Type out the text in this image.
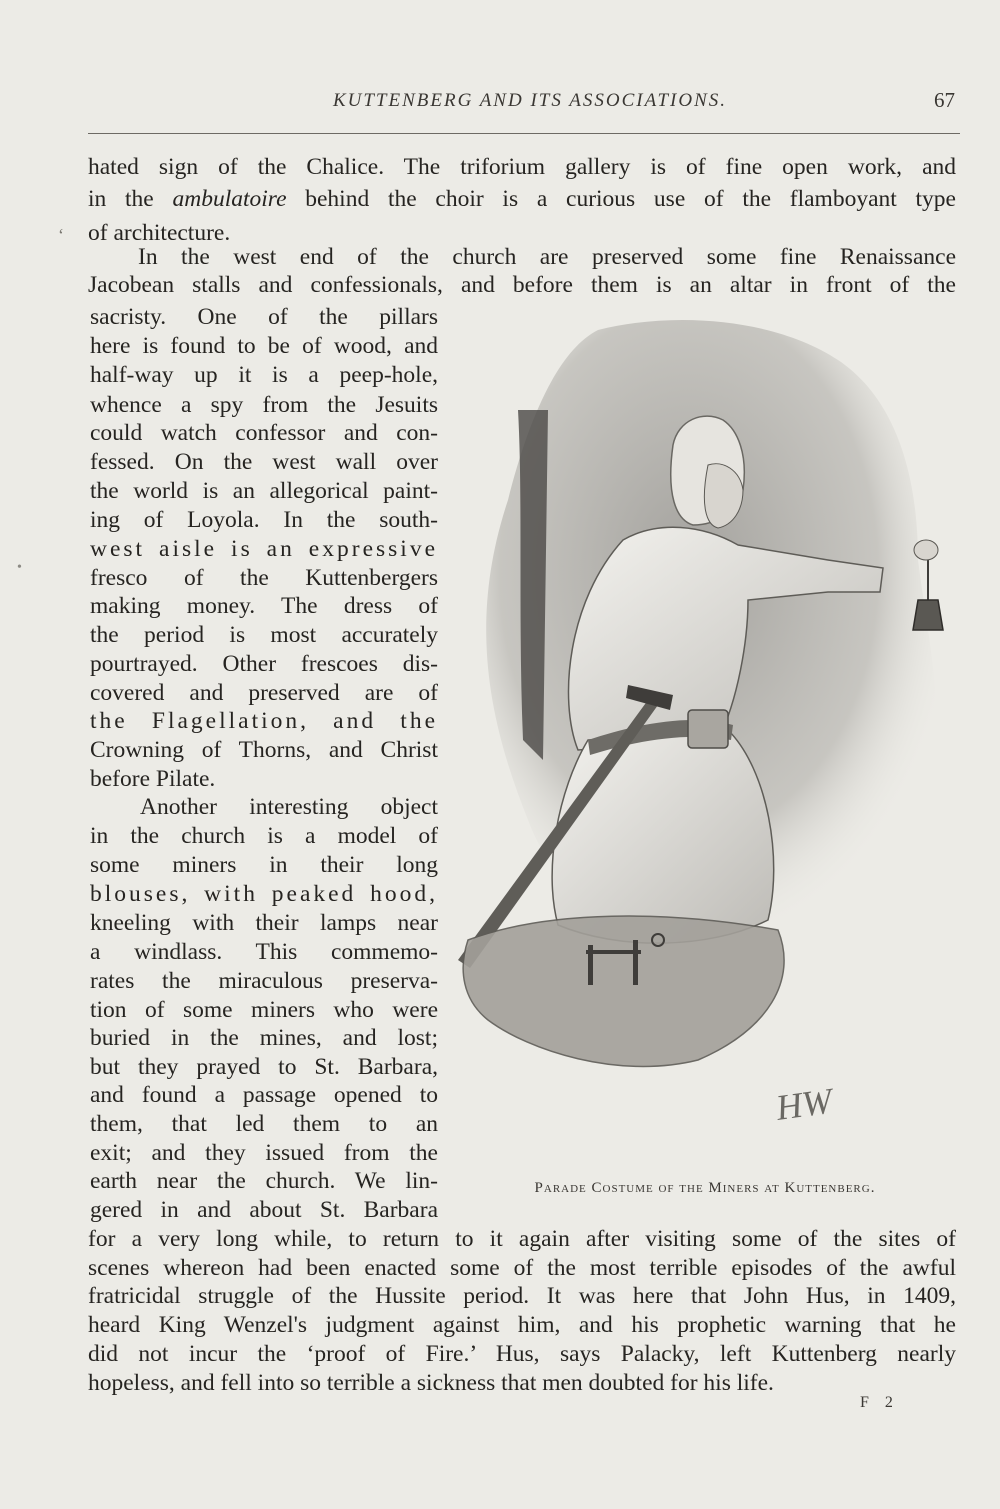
KUTTENBERG AND ITS ASSOCIATIONS.	67
‘
•
hated sign of the Chalice. The triforium gallery is of fine open work, and
in the ambulatoire behind the choir is a curious use of the flamboyant type
of architecture.
In the west end of the church are preserved some fine Renaissance
Jacobean stalls and confessionals, and before them is an altar in front of the
sacristy. One of the pillars
here is found to be of wood, and
half-way up it is a peep-hole,
whence a spy from the Jesuits
could watch confessor and con-
fessed. On the west wall over
the world is an allegorical paint-
ing of Loyola. In the south-
west aisle is an expressive
fresco of the Kuttenbergers
making money. The dress of
the period is most accurately
pourtrayed. Other frescoes dis-
covered and preserved are of
the Flagellation, and the
Crowning of Thorns, and Christ
before Pilate.
Another interesting object
in the church is a model of
some miners in their long
blouses, with peaked hood,
kneeling with their lamps near
a windlass. This commemo-
rates the miraculous preserva-
tion of some miners who were
buried in the mines, and lost;
but they prayed to St. Barbara,
and found a passage opened to
them, that led them to an
exit; and they issued from the
earth near the church. We lin-
gered in and about St. Barbara
for a very long while, to return to it again after visiting some of the sites of
scenes whereon had been enacted some of the most terrible episodes of the awful
fratricidal struggle of the Hussite period. It was here that John Hus, in 1409,
heard King Wenzel's judgment against him, and his prophetic warning that he
did not incur the ‘proof of Fire.’ Hus, says Palacky, left Kuttenberg nearly
hopeless, and fell into so terrible a sickness that men doubted for his life.
HW
Parade Costume of the Miners at Kuttenberg.
F 2
